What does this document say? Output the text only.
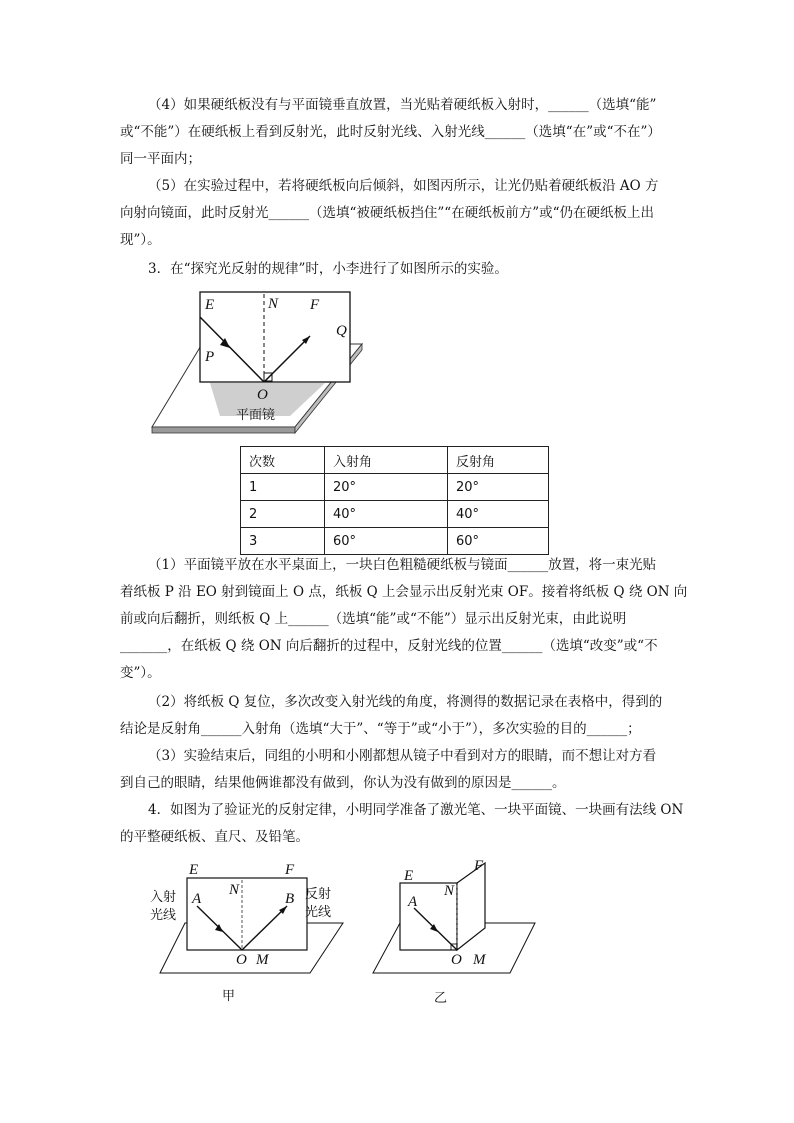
（4）如果硬纸板没有与平面镜垂直放置，当光贴着硬纸板入射时，______（选填“能”
或“不能”）在硬纸板上看到反射光，此时反射光线、入射光线______（选填“在”或“不在”）
同一平面内；
（5）在实验过程中，若将硬纸板向后倾斜，如图丙所示，让光仍贴着硬纸板沿 AO 方
向射向镜面，此时反射光______（选填“被硬纸板挡住”“在硬纸板前方”或“仍在硬纸板上出
现”）。
3．在“探究光反射的规律”时，小李进行了如图所示的实验。
E	N F
Q
P
O
平面镜
次数	入射角	反射角
1	20°	20°
2	40°	40°
3	60°	60°
（1）平面镜平放在水平桌面上，一块白色粗糙硬纸板与镜面______放置，将一束光贴
着纸板 P 沿 EO 射到镜面上 O 点，纸板 Q 上会显示出反射光束 OF。接着将纸板 Q 绕 ON 向
前或向后翻折，则纸板 Q 上______（选填“能”或“不能”）显示出反射光束，由此说明
_______，在纸板 Q 绕 ON 向后翻折的过程中，反射光线的位置______（选填“改变”或“不
变”）。
（2）将纸板 Q 复位，多次改变入射光线的角度，将测得的数据记录在表格中，得到的
结论是反射角______入射角（选填“大于”、“等于”或“小于”），多次实验的目的______；
（3）实验结束后，同组的小明和小刚都想从镜子中看到对方的眼睛，而不想让对方看
到自己的眼睛，结果他俩谁都没有做到，你认为没有做到的原因是______。
4．如图为了验证光的反射定律，小明同学准备了激光笔、一块平面镜、一块画有法线 ON
的平整硬纸板、直尺、及铅笔。
E	F
N
A	B
O M
入射
光线
反射
光线
甲
E
F
N
A
O M
乙
